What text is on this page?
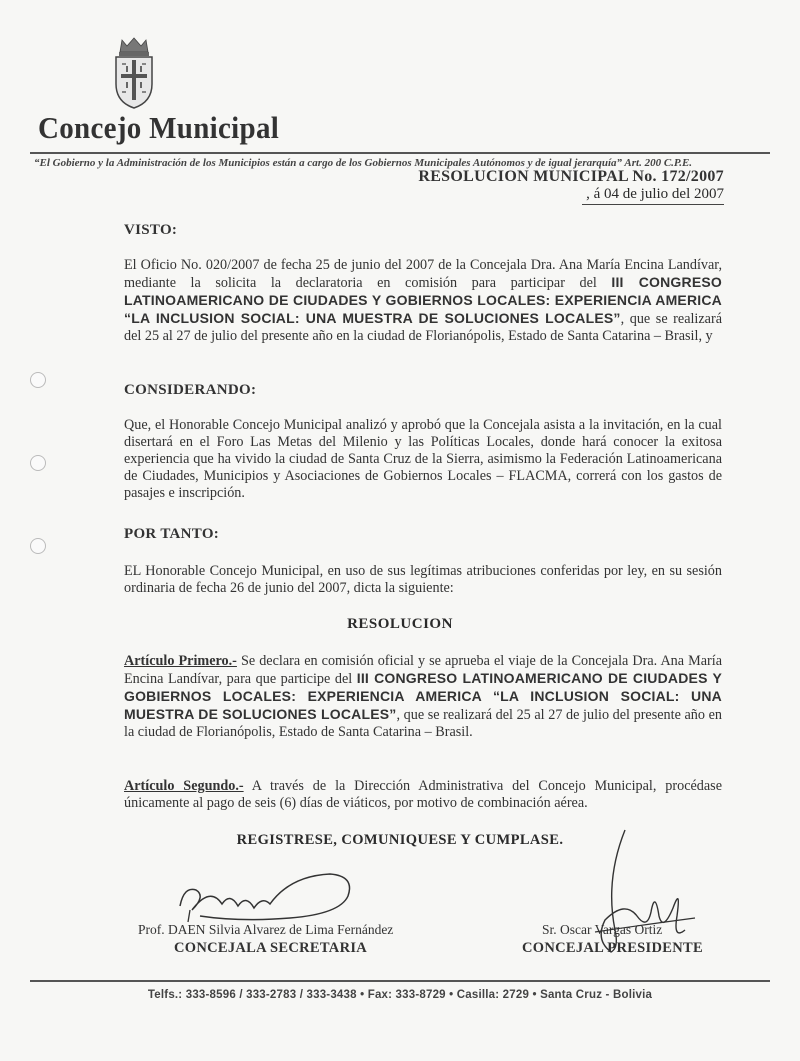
Concejo Municipal
“El Gobierno y la Administración de los Municipios están a cargo de los Gobiernos Municipales Autónomos y de igual jerarquía” Art. 200 C.P.E.
RESOLUCION MUNICIPAL No. 172/2007
, á 04 de julio del 2007
VISTO:
El Oficio No. 020/2007 de fecha 25 de junio del 2007 de la Concejala Dra. Ana María Encina Landívar, mediante la solicita la declaratoria en comisión para participar del III CONGRESO LATINOAMERICANO DE CIUDADES Y GOBIERNOS LOCALES: EXPERIENCIA AMERICA “LA INCLUSION SOCIAL: UNA MUESTRA DE SOLUCIONES LOCALES”, que se realizará del 25 al 27 de julio del presente año en la ciudad de Florianópolis, Estado de Santa Catarina – Brasil, y
CONSIDERANDO:
Que, el Honorable Concejo Municipal analizó y aprobó que la Concejala asista a la invitación, en la cual disertará en el Foro Las Metas del Milenio y las Políticas Locales, donde hará conocer la exitosa experiencia que ha vivido la ciudad de Santa Cruz de la Sierra, asimismo la Federación Latinoamericana de Ciudades, Municipios y Asociaciones de Gobiernos Locales – FLACMA, correrá con los gastos de pasajes e inscripción.
POR TANTO:
EL Honorable Concejo Municipal, en uso de sus legítimas atribuciones conferidas por ley, en su sesión ordinaria de fecha 26 de junio del 2007, dicta la siguiente:
RESOLUCION
Artículo Primero.- Se declara en comisión oficial y se aprueba el viaje de la Concejala Dra. Ana María Encina Landívar, para que participe del III CONGRESO LATINOAMERICANO DE CIUDADES Y GOBIERNOS LOCALES: EXPERIENCIA AMERICA “LA INCLUSION SOCIAL: UNA MUESTRA DE SOLUCIONES LOCALES”, que se realizará del 25 al 27 de julio del presente año en la ciudad de Florianópolis, Estado de Santa Catarina – Brasil.
Artículo Segundo.- A través de la Dirección Administrativa del Concejo Municipal, procédase únicamente al pago de seis (6) días de viáticos, por motivo de combinación aérea.
REGISTRESE, COMUNIQUESE Y CUMPLASE.
Prof. DAEN Silvia Alvarez de Lima Fernández
CONCEJALA SECRETARIA
Sr. Oscar Vargas Ortiz
CONCEJAL PRESIDENTE
Telfs.: 333-8596 / 333-2783 / 333-3438 • Fax: 333-8729 • Casilla: 2729 • Santa Cruz - Bolivia
